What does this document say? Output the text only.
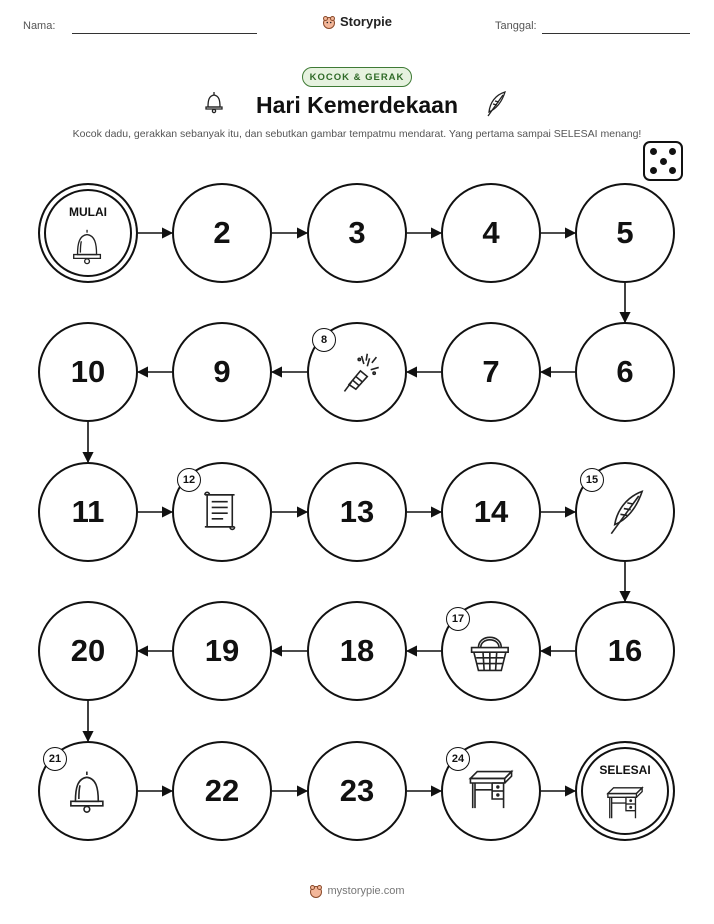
Nama:	Storypie	Tanggal:
KOCOK & GERAK
Hari Kemerdekaan
Kocok dadu, gerakkan sebanyak itu, dan sebutkan gambar tempatmu mendarat. Yang pertama sampai SELESAI menang!
MULAI
2	3	4	5
6
7
8
9
10
11
12
13	14
15
16
17
18
19
20
21
22	23
24
SELESAI
mystorypie.com
